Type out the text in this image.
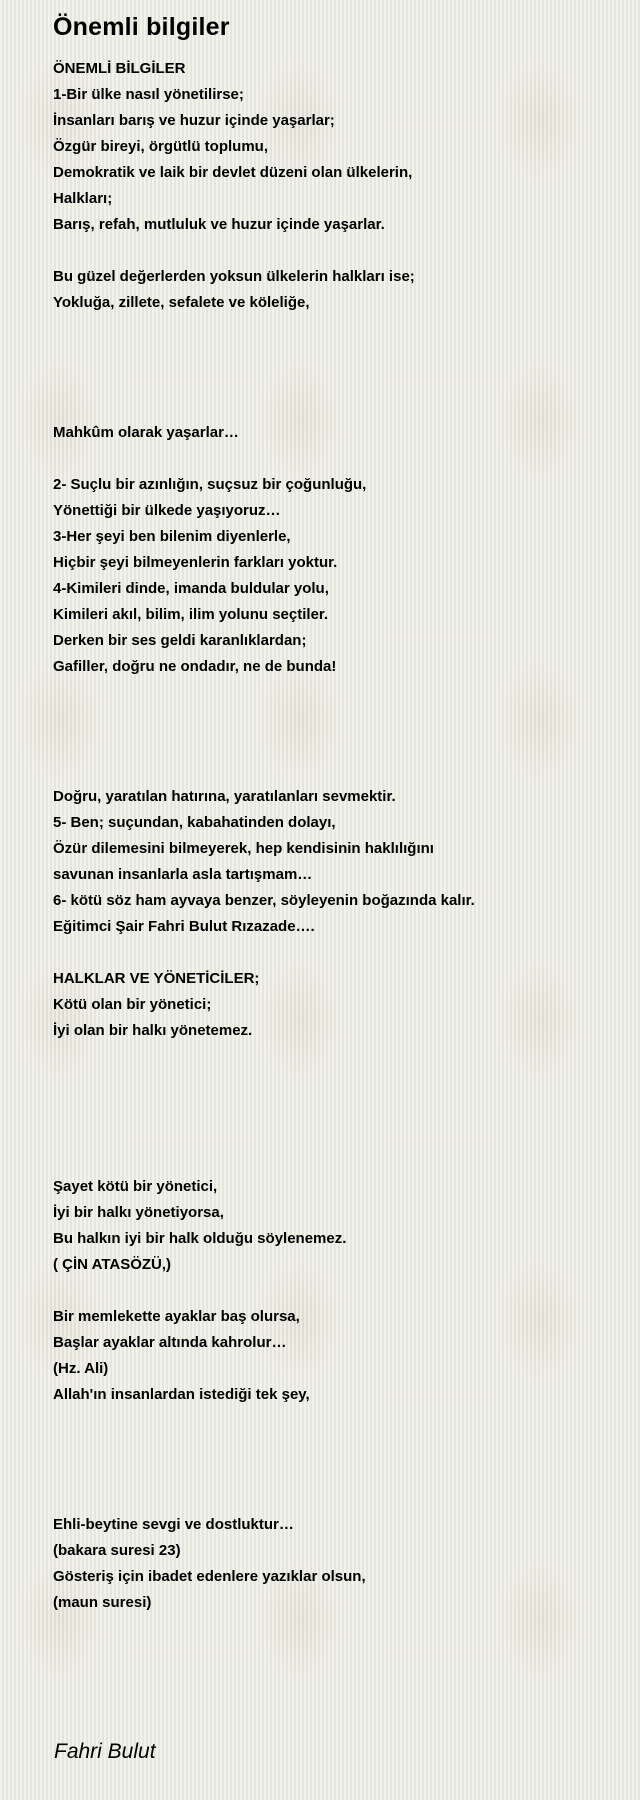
Önemli bilgiler
ÖNEMLİ BİLGİLER
1-Bir ülke nasıl yönetilirse;
İnsanları barış ve huzur içinde yaşarlar;
Özgür bireyi, örgütlü toplumu,
Demokratik ve laik bir devlet düzeni olan ülkelerin,
Halkları;
Barış, refah, mutluluk ve huzur içinde yaşarlar.
Bu güzel değerlerden yoksun ülkelerin halkları ise;
Yokluğa, zillete, sefalete ve köleliğe,
Mahkûm olarak yaşarlar…
2- Suçlu bir azınlığın, suçsuz bir çoğunluğu,
Yönettiği bir ülkede yaşıyoruz…
3-Her şeyi ben bilenim diyenlerle,
Hiçbir şeyi bilmeyenlerin farkları yoktur.
4-Kimileri dinde, imanda buldular yolu,
Kimileri akıl, bilim, ilim yolunu seçtiler.
Derken bir ses geldi karanlıklardan;
Gafiller, doğru ne ondadır, ne de bunda!
Doğru, yaratılan hatırına, yaratılanları sevmektir.
5- Ben; suçundan, kabahatinden dolayı,
Özür dilemesini bilmeyerek, hep kendisinin haklılığını
savunan insanlarla asla tartışmam…
6- kötü söz ham ayvaya benzer, söyleyenin boğazında kalır.
Eğitimci Şair Fahri Bulut Rızazade….
HALKLAR VE YÖNETİCİLER;
Kötü olan bir yönetici;
İyi olan bir halkı yönetemez.
Şayet kötü bir yönetici,
İyi bir halkı yönetiyorsa,
Bu halkın iyi bir halk olduğu söylenemez.
( ÇİN ATASÖZÜ,)
Bir memlekette ayaklar baş olursa,
Başlar ayaklar altında kahrolur…
(Hz. Ali)
Allah'ın insanlardan istediği tek şey,
Ehli-beytine sevgi ve dostluktur…
(bakara suresi 23)
Gösteriş için ibadet edenlere yazıklar olsun,
(maun suresi)
Fahri Bulut
